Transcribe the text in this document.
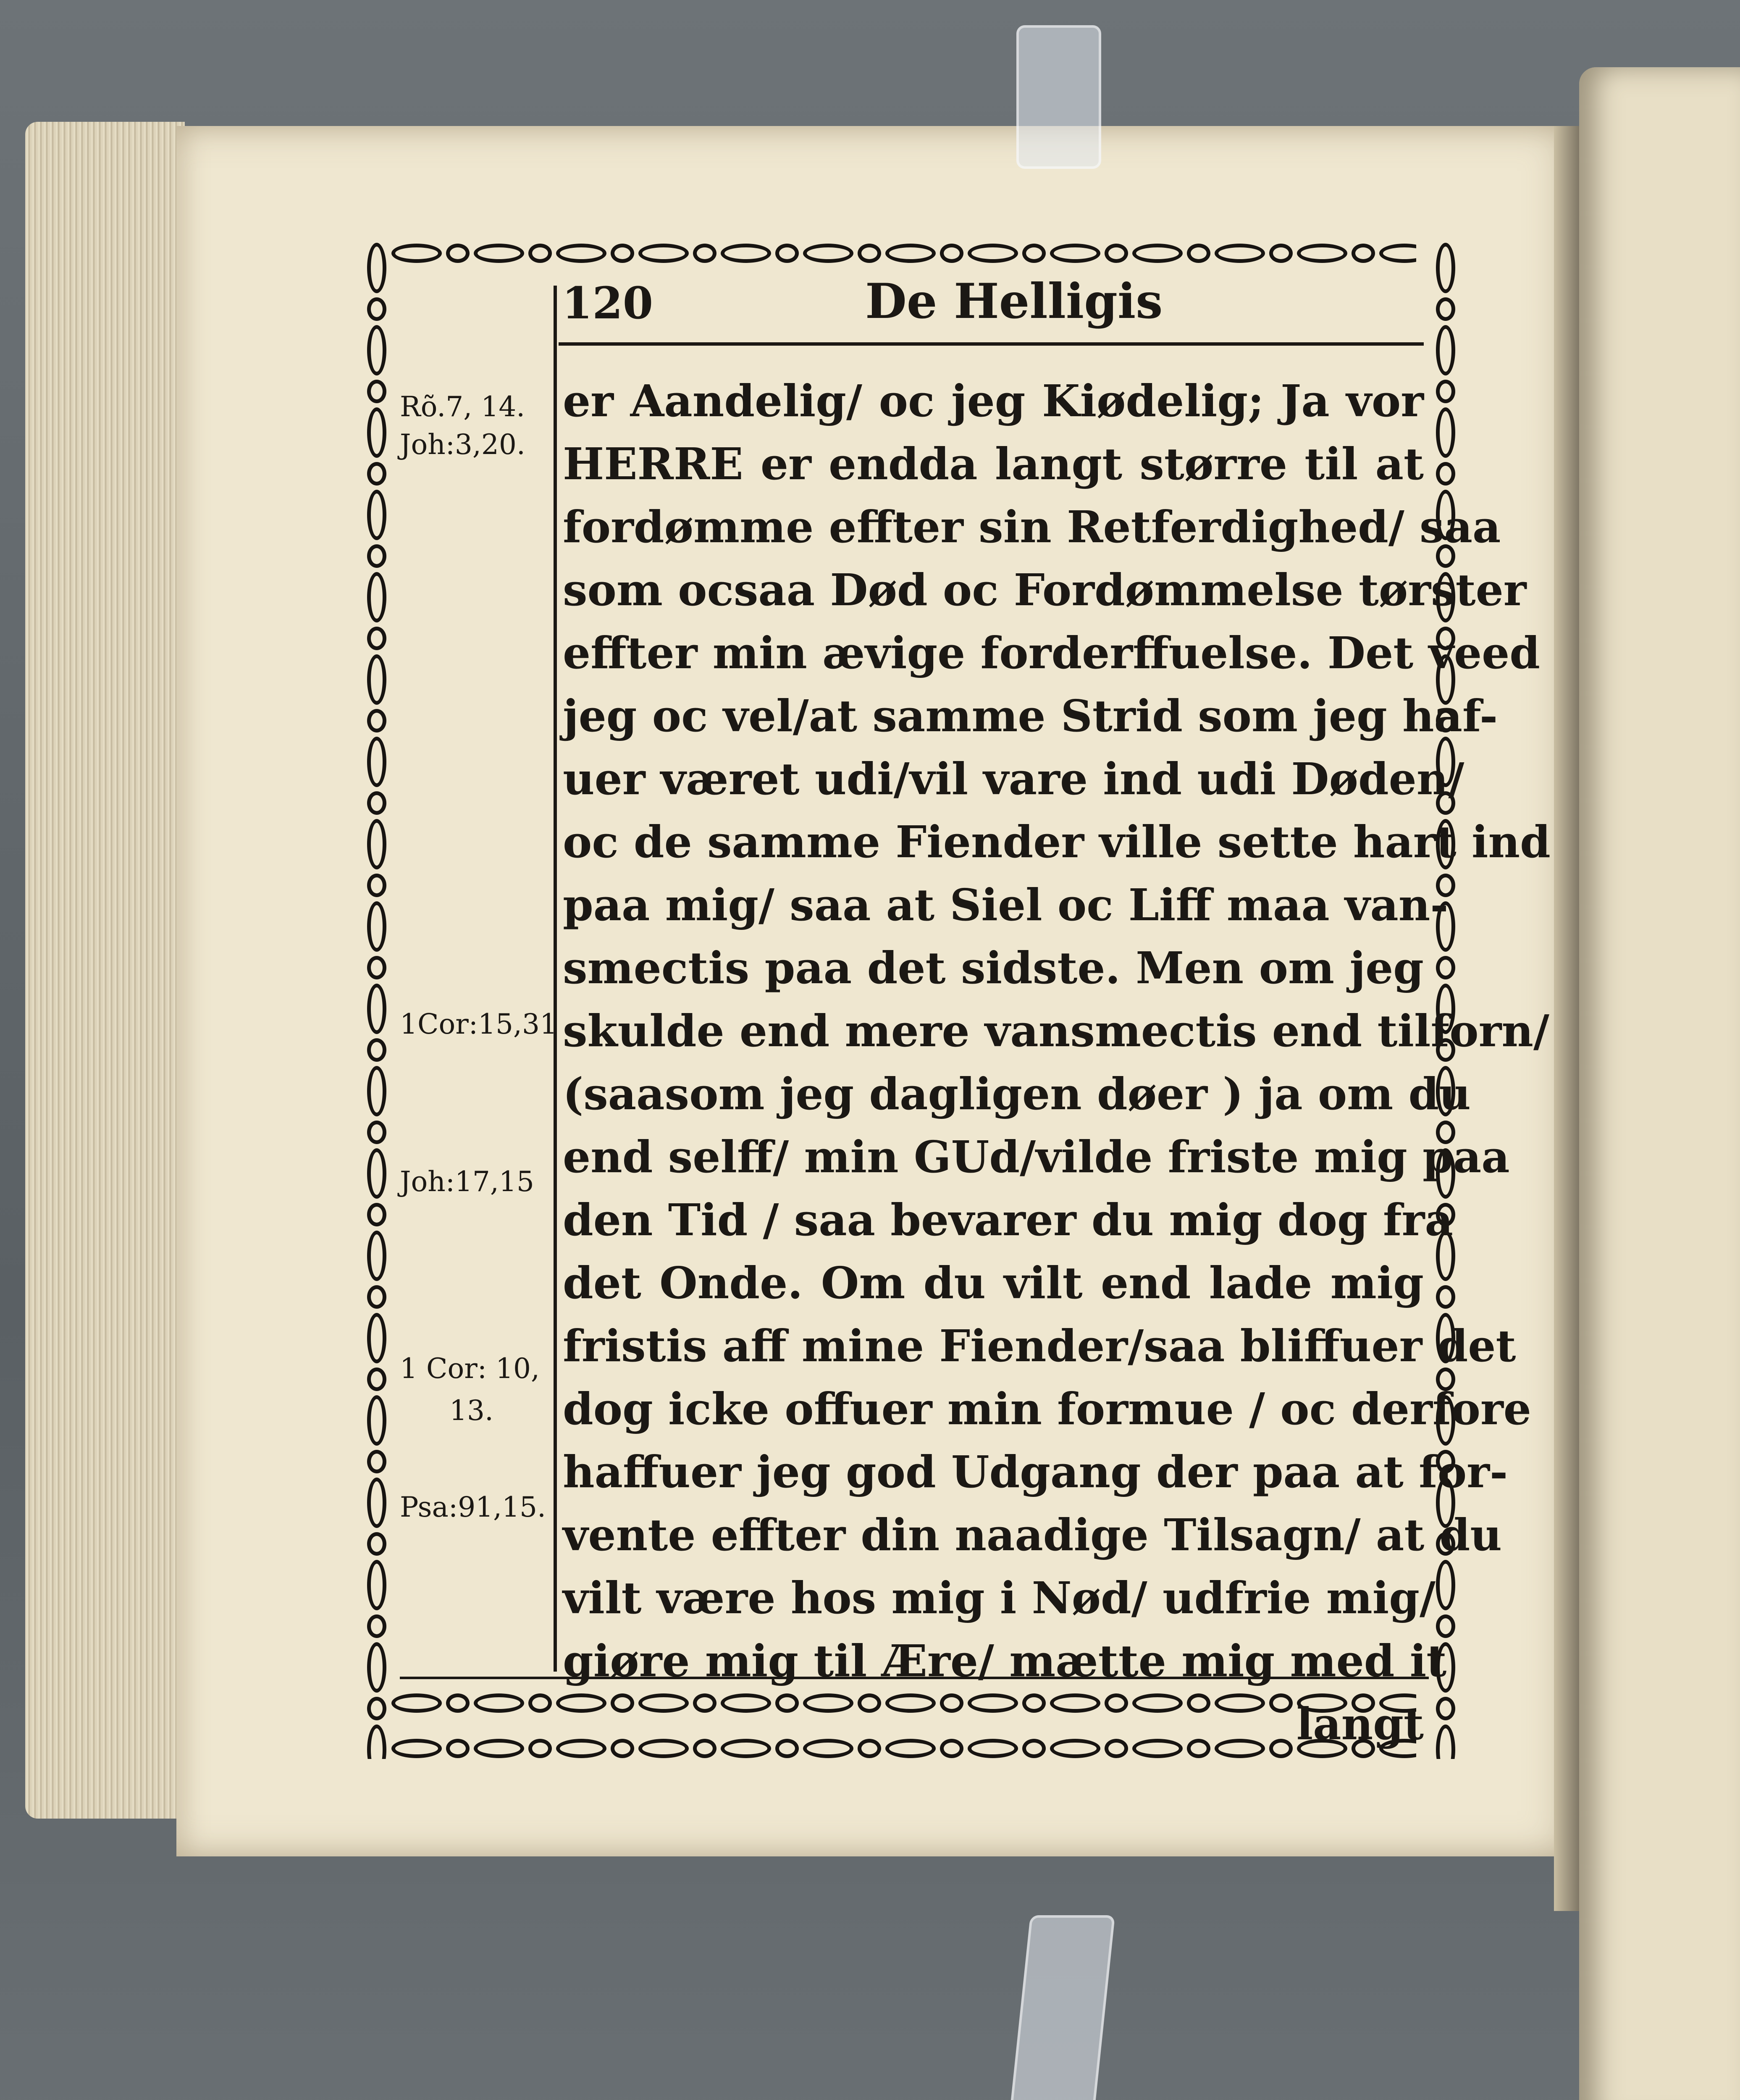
120	De Helligis
er Aandelig/ oc jeg Kiødelig; Ja vor
HERRE er endda langt større til at
fordømme effter sin Retferdighed/ saa
som ocsaa Død oc Fordømmelse tørster
effter min ævige forderffuelse. Det veed
jeg oc vel/at samme Strid som jeg haf-
uer været udi/vil vare ind udi Døden/
oc de samme Fiender ville sette hart ind
paa mig/ saa at Siel oc Liff maa van-
smectis paa det sidste. Men om jeg
skulde end mere vansmectis end tilforn/
(saasom jeg dagligen døer ) ja om du
end selff/ min GUd/vilde friste mig paa
den Tid / saa bevarer du mig dog fra
det Onde. Om du vilt end lade mig
fristis aff mine Fiender/saa bliffuer det
dog icke offuer min formue / oc derfore
haffuer jeg god Udgang der paa at for-
vente effter din naadige Tilsagn/ at du
vilt være hos mig i Nød/ udfrie mig/
giøre mig til Ære/ mætte mig med it
langt
Rõ.7, 14.
Joh:3,20.
1Cor:15,31
Joh:17,15
1 Cor: 10,
13.
Psa:91,15.
